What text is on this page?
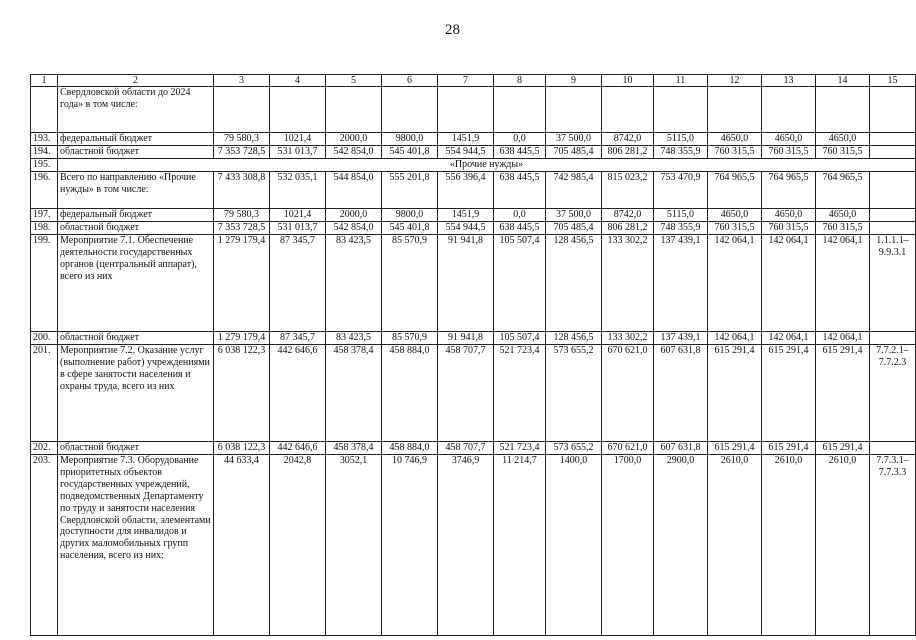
28
1	2	3	4	5	6	7	8	9	10	11	12	13	14	15
	Свердловской области до 2024 года» в том числе:													
193.	федеральный бюджет	79 580,3	1021,4	2000,0	9800,0	1451,9	0,0	37 500,0	8742,0	5115,0	4650,0	4650,0	4650,0	
194.	областной бюджет	7 353 728,5	531 013,7	542 854,0	545 401,8	554 944,5	638 445,5	705 485,4	806 281,2	748 355,9	760 315,5	760 315,5	760 315,5	
195.	«Прочие нужды»													
196.	Всего по направлению «Прочие нужды» в том числе:	7 433 308,8	532 035,1	544 854,0	555 201,8	556 396,4	638 445,5	742 985,4	815 023,2	753 470,9	764 965,5	764 965,5	764 965,5	
197.	федеральный бюджет	79 580,3	1021,4	2000,0	9800,0	1451,9	0,0	37 500,0	8742,0	5115,0	4650,0	4650,0	4650,0	
198.	областной бюджет	7 353 728,5	531 013,7	542 854,0	545 401,8	554 944,5	638 445,5	705 485,4	806 281,2	748 355,9	760 315,5	760 315,5	760 315,5	
199.	Мероприятие 7.1. Обеспечение деятельности государственных органов (центральный аппарат), всего из них	1 279 179,4	87 345,7	83 423,5	85 570,9	91 941,8	105 507,4	128 456,5	133 302,2	137 439,1	142 064,1	142 064,1	142 064,1	1.1.1.1– 9.9.3.1
200.	областной бюджет	1 279 179,4	87 345,7	83 423,5	85 570,9	91 941,8	105 507,4	128 456,5	133 302,2	137 439,1	142 064,1	142 064,1	142 064,1	
201.	Мероприятие 7.2. Оказание услуг (выполнение работ) учреждениями в сфере занятости населения и охраны труда, всего из них	6 038 122,3	442 646,6	458 378,4	458 884,0	458 707,7	521 723,4	573 655,2	670 621,0	607 631,8	615 291,4	615 291,4	615 291,4	7.7.2.1– 7.7.2.3
202.	областной бюджет	6 038 122,3	442 646,6	458 378,4	458 884,0	458 707,7	521 723,4	573 655,2	670 621,0	607 631,8	615 291,4	615 291,4	615 291,4	
203.	Мероприятие 7.3. Оборудование приоритетных объектов государственных учреждений, подведомственных Департаменту по труду и занятости населения Свердловской области, элементами доступности для инвалидов и других маломобильных групп населения, всего из них:	44 633,4	2042,8	3052,1	10 746,9	3746,9	11 214,7	1400,0	1700,0	2900,0	2610,0	2610,0	2610,0	7.7.3.1– 7.7.3.3
